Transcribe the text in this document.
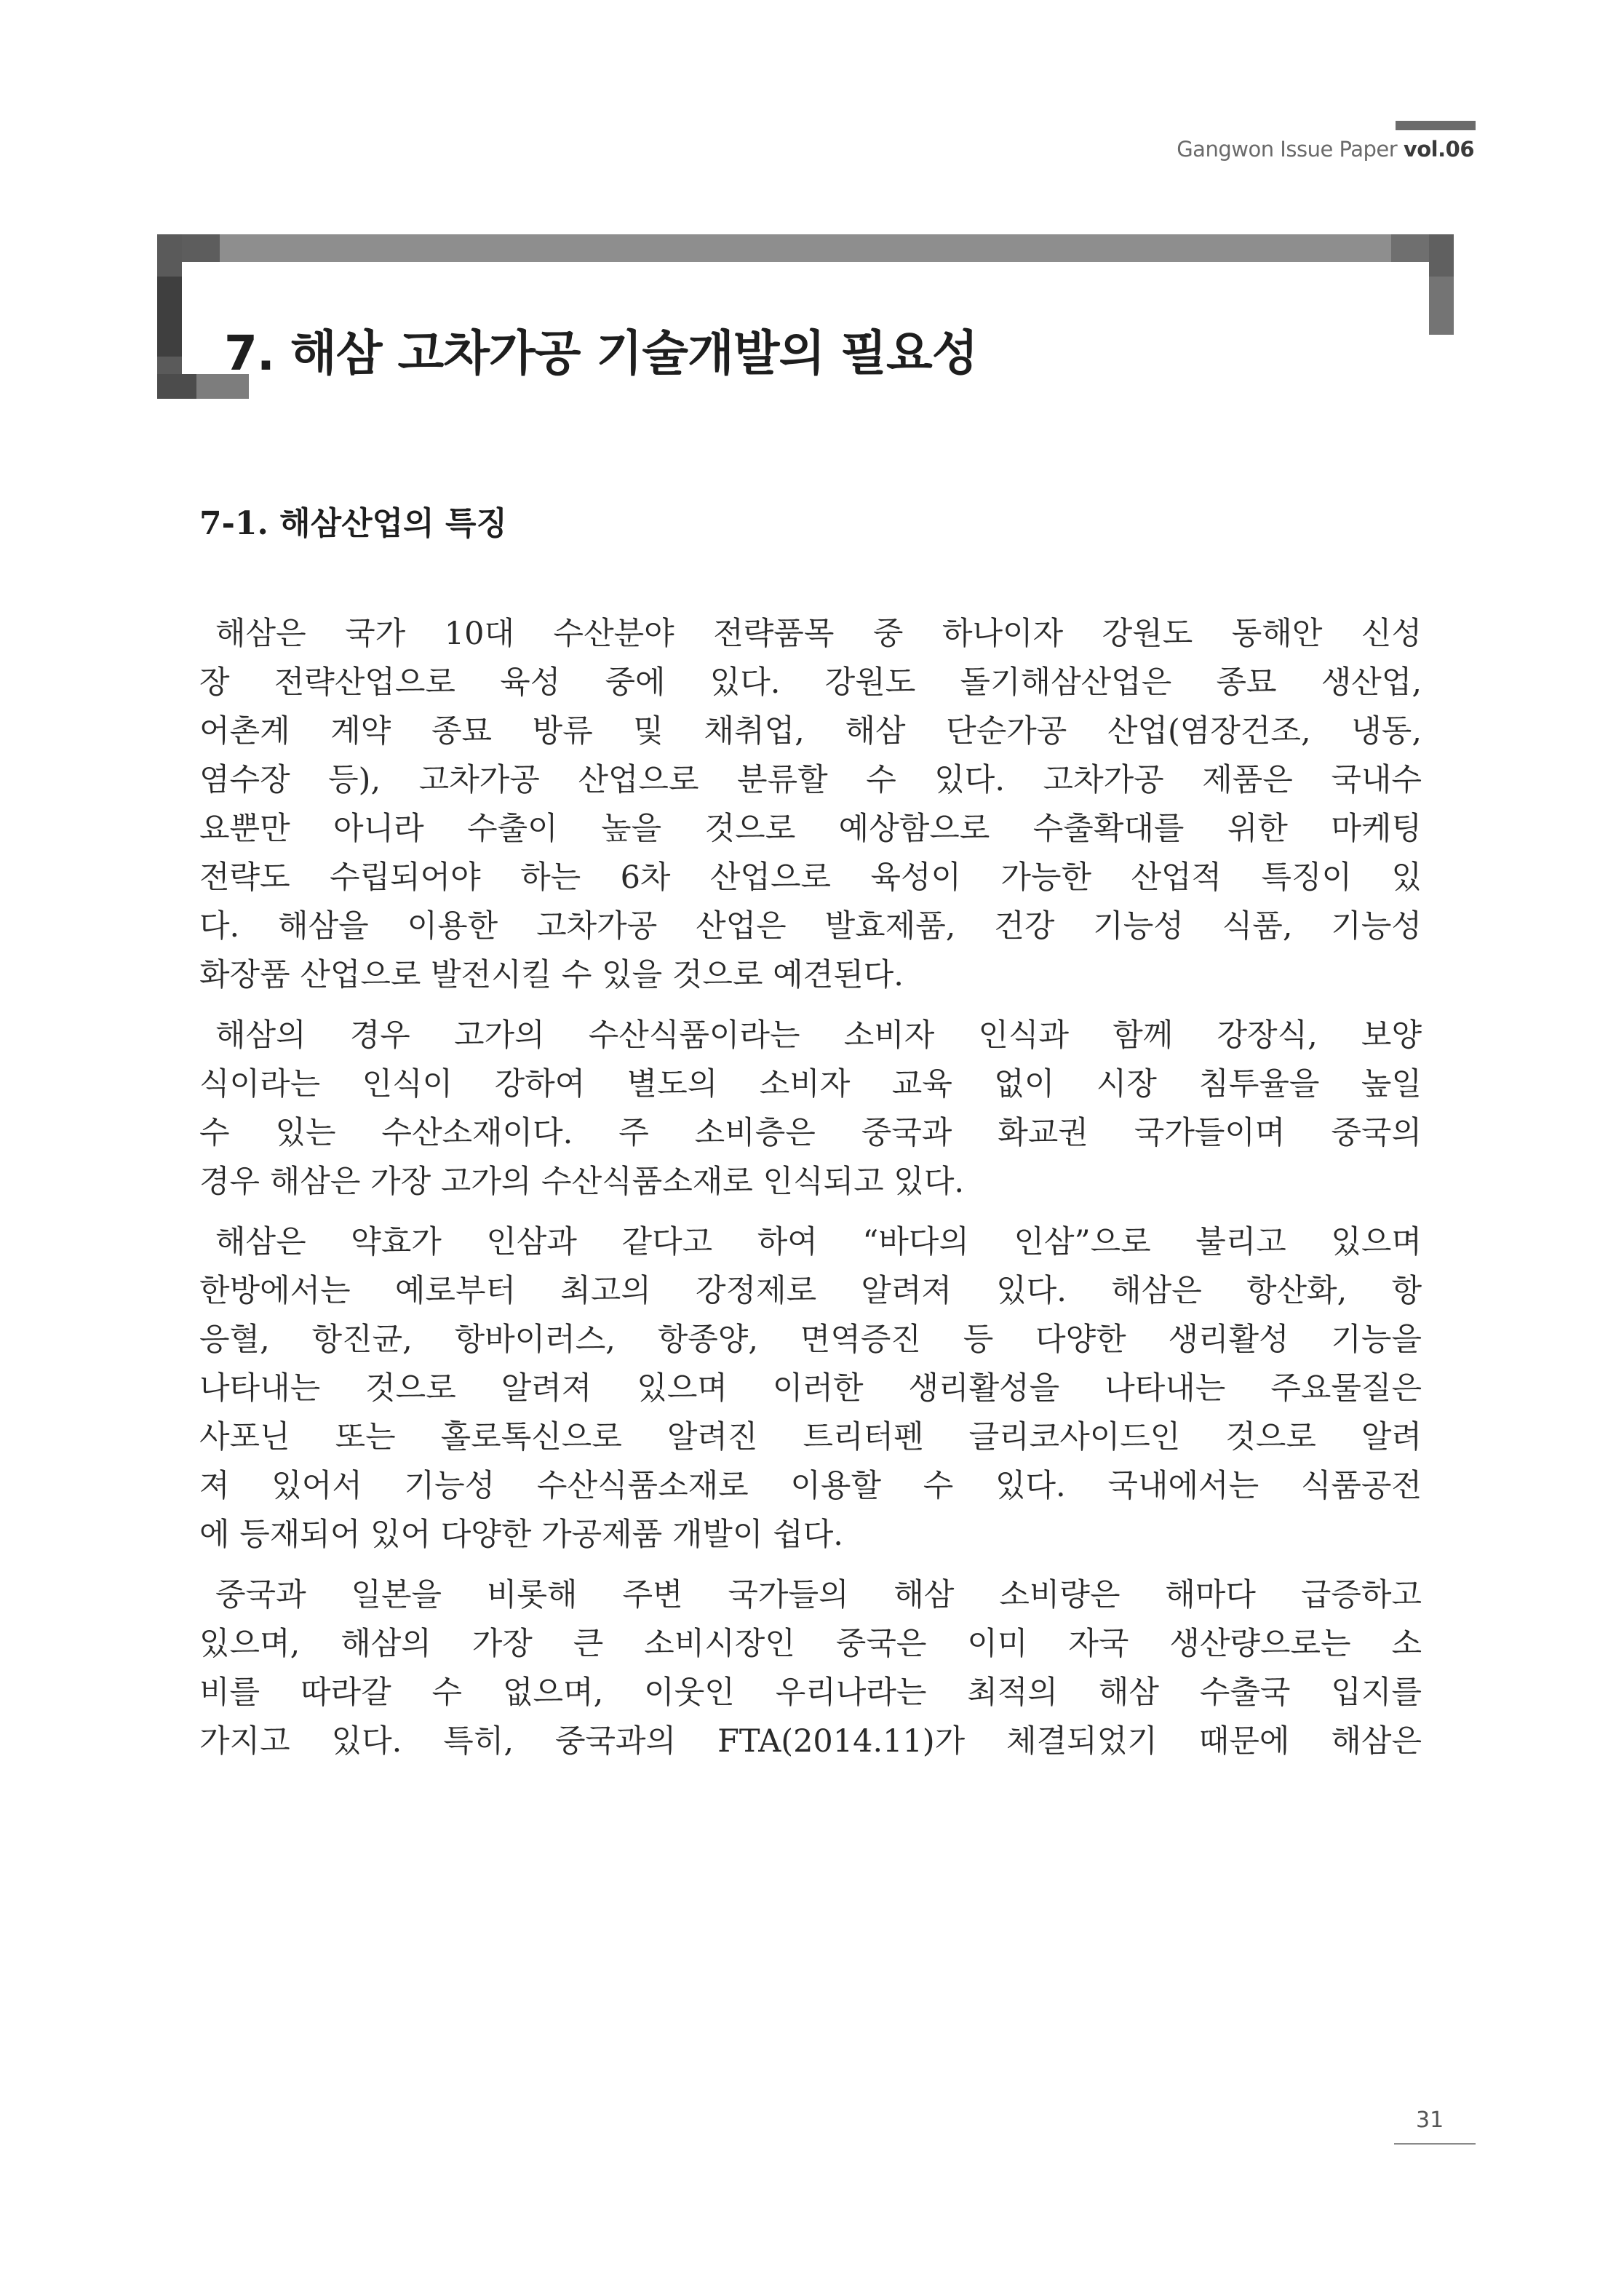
Gangwon Issue Paper vol.06
7. 해삼 고차가공 기술개발의 필요성
7-1. 해삼산업의 특징
해삼은 국가 10대 수산분야 전략품목 중 하나이자 강원도 동해안 신성
장 전략산업으로 육성 중에 있다. 강원도 돌기해삼산업은 종묘 생산업,
어촌계 계약 종묘 방류 및 채취업, 해삼 단순가공 산업(염장건조, 냉동,
염수장 등), 고차가공 산업으로 분류할 수 있다. 고차가공 제품은 국내수
요뿐만 아니라 수출이 높을 것으로 예상함으로 수출확대를 위한 마케팅
전략도 수립되어야 하는 6차 산업으로 육성이 가능한 산업적 특징이 있
다. 해삼을 이용한 고차가공 산업은 발효제품, 건강 기능성 식품, 기능성
화장품 산업으로 발전시킬 수 있을 것으로 예견된다.
해삼의 경우 고가의 수산식품이라는 소비자 인식과 함께 강장식, 보양
식이라는 인식이 강하여 별도의 소비자 교육 없이 시장 침투율을 높일
수 있는 수산소재이다. 주 소비층은 중국과 화교권 국가들이며 중국의
경우 해삼은 가장 고가의 수산식품소재로 인식되고 있다.
해삼은 약효가 인삼과 같다고 하여 “바다의 인삼”으로 불리고 있으며
한방에서는 예로부터 최고의 강정제로 알려져 있다. 해삼은 항산화, 항
응혈, 항진균, 항바이러스, 항종양, 면역증진 등 다양한 생리활성 기능을
나타내는 것으로 알려져 있으며 이러한 생리활성을 나타내는 주요물질은
사포닌 또는 홀로톡신으로 알려진 트리터펜 글리코사이드인 것으로 알려
져 있어서 기능성 수산식품소재로 이용할 수 있다. 국내에서는 식품공전
에 등재되어 있어 다양한 가공제품 개발이 쉽다.
중국과 일본을 비롯해 주변 국가들의 해삼 소비량은 해마다 급증하고
있으며, 해삼의 가장 큰 소비시장인 중국은 이미 자국 생산량으로는 소
비를 따라갈 수 없으며, 이웃인 우리나라는 최적의 해삼 수출국 입지를
가지고 있다. 특히, 중국과의 FTA(2014.11)가 체결되었기 때문에 해삼은
31
